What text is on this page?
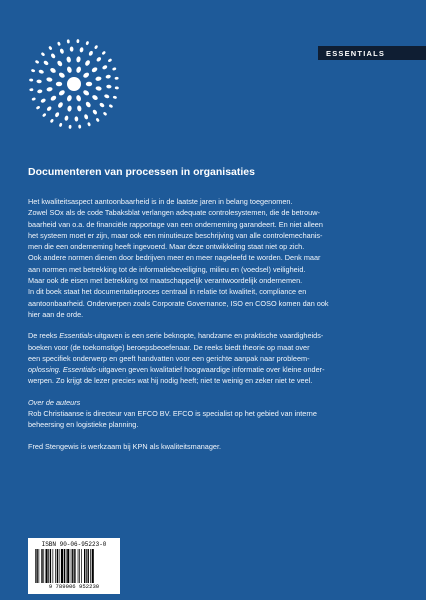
ESSENTIALS
Documenteren van processen in organisaties

Het kwaliteitsaspect aantoonbaarheid is in de laatste jaren in belang toegenomen.
Zowel SOx als de code Tabaksblat verlangen adequate controlesystemen, die de betrouw-
baarheid van o.a. de financiële rapportage van een onderneming garandeert. En niet alleen
het systeem moet er zijn, maar ook een minutieuze beschrijving van alle controlemechanis-
men die een onderneming heeft ingevoerd. Maar deze ontwikkeling staat niet op zich.
Ook andere normen dienen door bedrijven meer en meer nageleefd te worden. Denk maar
aan normen met betrekking tot de informatiebeveiliging, milieu en (voedsel) veiligheid.
Maar ook de eisen met betrekking tot maatschappelijk verantwoordelijk ondernemen.
In dit boek staat het documentatieproces centraal in relatie tot kwaliteit, compliance en
aantoonbaarheid. Onderwerpen zoals Corporate Governance, ISO en COSO komen dan ook
hier aan de orde.

De reeks Essentials-uitgaven is een serie beknopte, handzame en praktische vaardigheids-
boeken voor (de toekomstige) beroepsbeoefenaar. De reeks biedt theorie op maat over
een specifiek onderwerp en geeft handvatten voor een gerichte aanpak naar probleem-
oplossing. Essentials-uitgaven geven kwalitatief hoogwaardige informatie over kleine onder-
werpen. Zo krijgt de lezer precies wat hij nodig heeft; niet te weinig en zeker niet te veel.

Over de auteurs

Rob Christiaanse is directeur van EFCO BV. EFCO is specialist op het gebied van interne
beheersing en logistieke planning.

Fred Stengewis is werkzaam bij KPN als kwaliteitsmanager.

ISBN 90-06-95223-0
9 789006 952230
